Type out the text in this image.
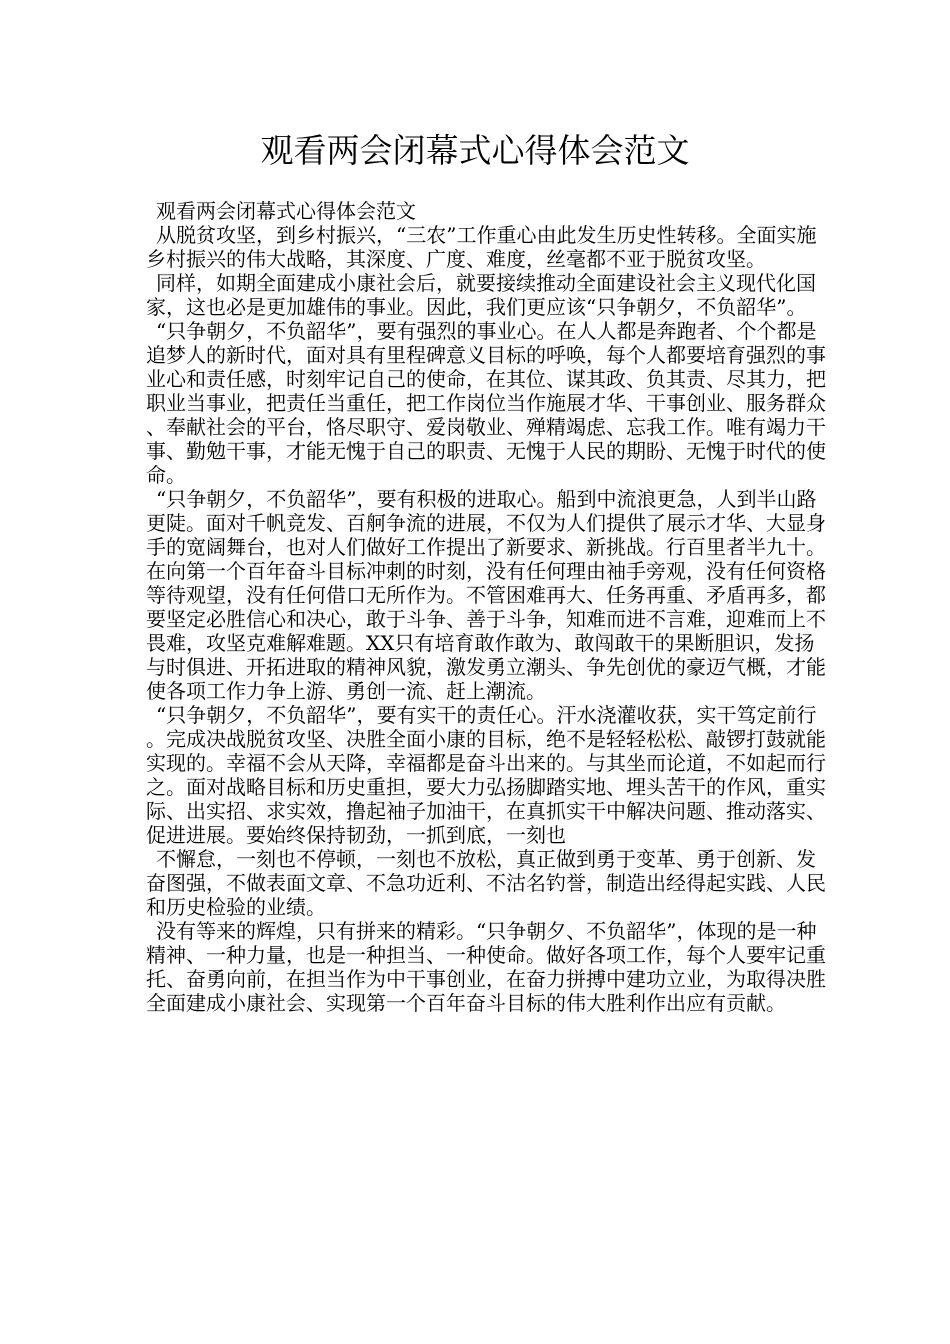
观看两会闭幕式心得体会范文

观看两会闭幕式心得体会范文

从脱贫攻坚，到乡村振兴，“三农”工作重心由此发生历史性转移。全面实施乡村振兴的伟大战略，其深度、广度、难度，丝毫都不亚于脱贫攻坚。

同样，如期全面建成小康社会后，就要接续推动全面建设社会主义现代化国家，这也必是更加雄伟的事业。因此，我们更应该“只争朝夕，不负韶华”。

“只争朝夕，不负韶华”，要有强烈的事业心。在人人都是奔跑者、个个都是追梦人的新时代，面对具有里程碑意义目标的呼唤，每个人都要培育强烈的事业心和责任感，时刻牢记自己的使命，在其位、谋其政、负其责、尽其力，把职业当事业，把责任当重任，把工作岗位当作施展才华、干事创业、服务群众、奉献社会的平台，恪尽职守、爱岗敬业、殚精竭虑、忘我工作。唯有竭力干事、勤勉干事，才能无愧于自己的职责、无愧于人民的期盼、无愧于时代的使命。

“只争朝夕，不负韶华”，要有积极的进取心。船到中流浪更急，人到半山路更陡。面对千帆竞发、百舸争流的进展，不仅为人们提供了展示才华、大显身手的宽阔舞台，也对人们做好工作提出了新要求、新挑战。行百里者半九十。在向第一个百年奋斗目标冲刺的时刻，没有任何理由袖手旁观，没有任何资格等待观望，没有任何借口无所作为。不管困难再大、任务再重、矛盾再多，都要坚定必胜信心和决心，敢于斗争、善于斗争，知难而进不言难，迎难而上不畏难，攻坚克难解难题。XX只有培育敢作敢为、敢闯敢干的果断胆识，发扬与时俱进、开拓进取的精神风貌，激发勇立潮头、争先创优的豪迈气概，才能使各项工作力争上游、勇创一流、赶上潮流。

“只争朝夕，不负韶华”，要有实干的责任心。汗水浇灌收获，实干笃定前行。完成决战脱贫攻坚、决胜全面小康的目标，绝不是轻轻松松、敲锣打鼓就能实现的。幸福不会从天降，幸福都是奋斗出来的。与其坐而论道，不如起而行之。面对战略目标和历史重担，要大力弘扬脚踏实地、埋头苦干的作风，重实际、出实招、求实效，撸起袖子加油干，在真抓实干中解决问题、推动落实、促进进展。要始终保持韧劲，一抓到底，一刻也

不懈怠，一刻也不停顿，一刻也不放松，真正做到勇于变革、勇于创新、发奋图强，不做表面文章、不急功近利、不沽名钓誉，制造出经得起实践、人民和历史检验的业绩。

没有等来的辉煌，只有拼来的精彩。“只争朝夕、不负韶华”，体现的是一种精神、一种力量，也是一种担当、一种使命。做好各项工作，每个人要牢记重托、奋勇向前，在担当作为中干事创业，在奋力拼搏中建功立业，为取得决胜全面建成小康社会、实现第一个百年奋斗目标的伟大胜利作出应有贡献。
